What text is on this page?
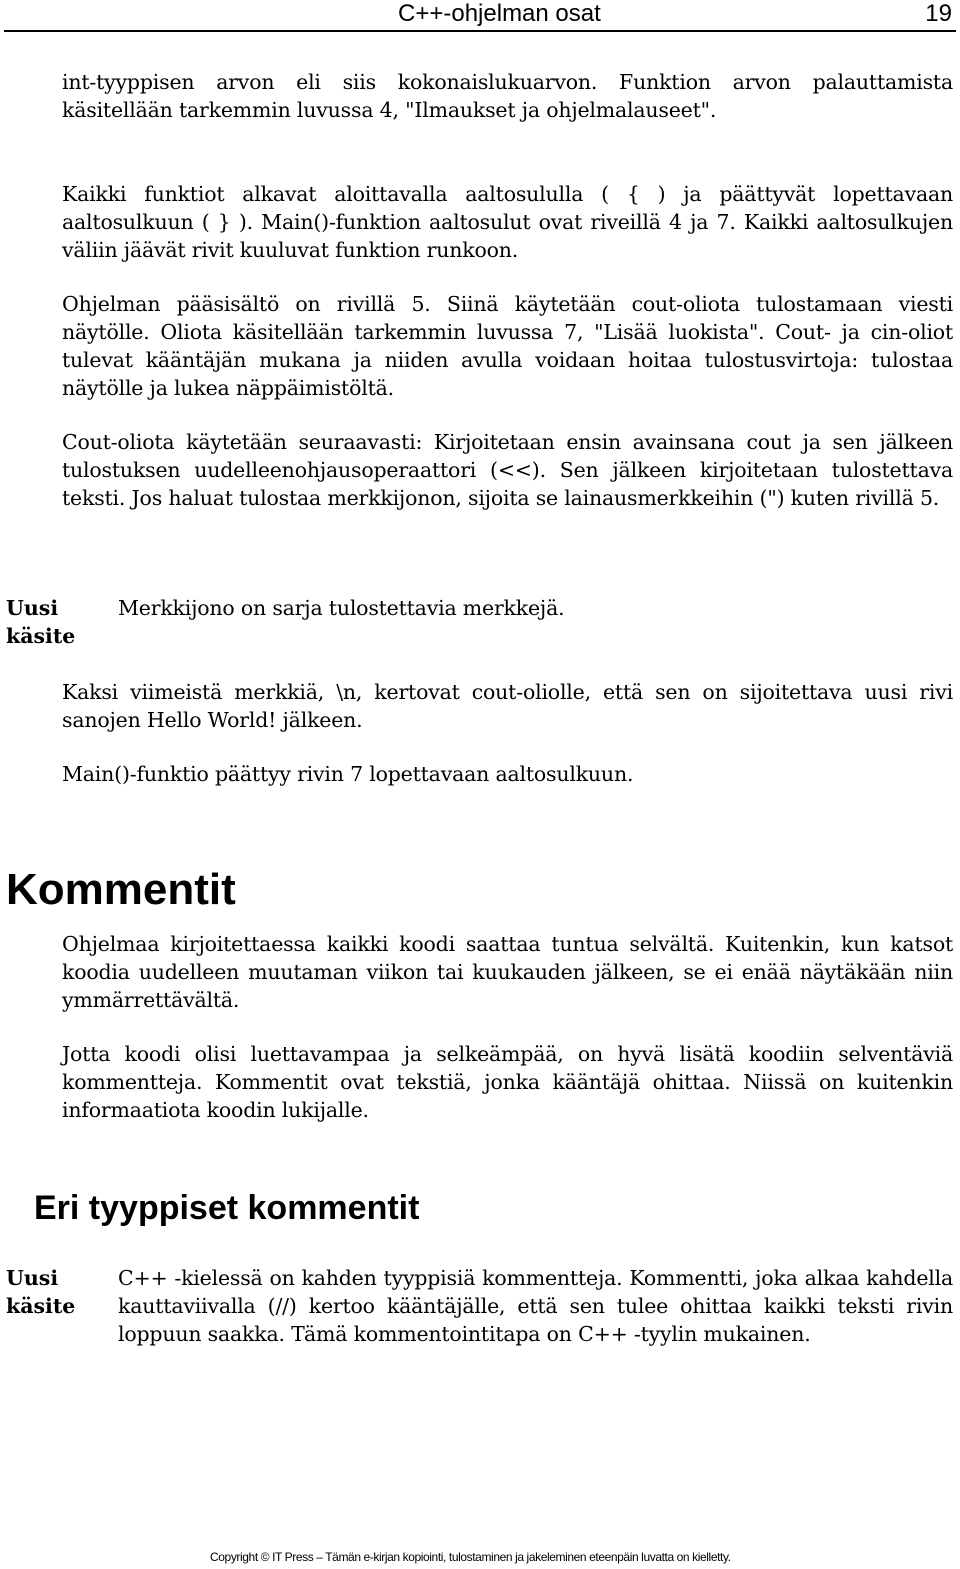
C++-ohjelman osat	19

int-tyyppisen arvon eli siis kokonaislukuarvon. Funktion arvon palauttamista käsitellään tarkemmin luvussa 4, "Ilmaukset ja ohjelmalauseet".

Kaikki funktiot alkavat aloittavalla aaltosululla ( { ) ja päättyvät lopettavaan aaltosulkuun ( } ). Main()-funktion aaltosulut ovat riveillä 4 ja 7. Kaikki aaltosulkujen väliin jäävät rivit kuuluvat funktion runkoon.

Ohjelman pääsisältö on rivillä 5. Siinä käytetään cout-oliota tulostamaan viesti näytölle. Oliota käsitellään tarkemmin luvussa 7, "Lisää luokista". Cout- ja cin-oliot tulevat kääntäjän mukana ja niiden avulla voidaan hoitaa tulostusvirtoja: tulostaa näytölle ja lukea näppäimistöltä.

Cout-oliota käytetään seuraavasti: Kirjoitetaan ensin avainsana cout ja sen jälkeen tulostuksen uudelleenohjausoperaattori (<<). Sen jälkeen kirjoitetaan tulostettava teksti. Jos haluat tulostaa merkkijonon, sijoita se lainausmerkkeihin (") kuten rivillä 5.

Uusi
käsite

Merkkijono on sarja tulostettavia merkkejä.

Kaksi viimeistä merkkiä, \n, kertovat cout-oliolle, että sen on sijoitettava uusi rivi sanojen Hello World! jälkeen.

Main()-funktio päättyy rivin 7 lopettavaan aaltosulkuun.

Kommentit

Ohjelmaa kirjoitettaessa kaikki koodi saattaa tuntua selvältä. Kuitenkin, kun katsot koodia uudelleen muutaman viikon tai kuukauden jälkeen, se ei enää näytäkään niin ymmärrettävältä.

Jotta koodi olisi luettavampaa ja selkeämpää, on hyvä lisätä koodiin selventäviä kommentteja. Kommentit ovat tekstiä, jonka kääntäjä ohittaa. Niissä on kuitenkin informaatiota koodin lukijalle.

Eri tyyppiset kommentit

Uusi
käsite

C++ -kielessä on kahden tyyppisiä kommentteja. Kommentti, joka alkaa kahdella kauttaviivalla (//) kertoo kääntäjälle, että sen tulee ohittaa kaikki teksti rivin loppuun saakka. Tämä kommentointitapa on C++ -tyylin mukainen.

Copyright © IT Press – Tämän e-kirjan kopiointi, tulostaminen ja jakeleminen eteenpäin luvatta on kielletty.
